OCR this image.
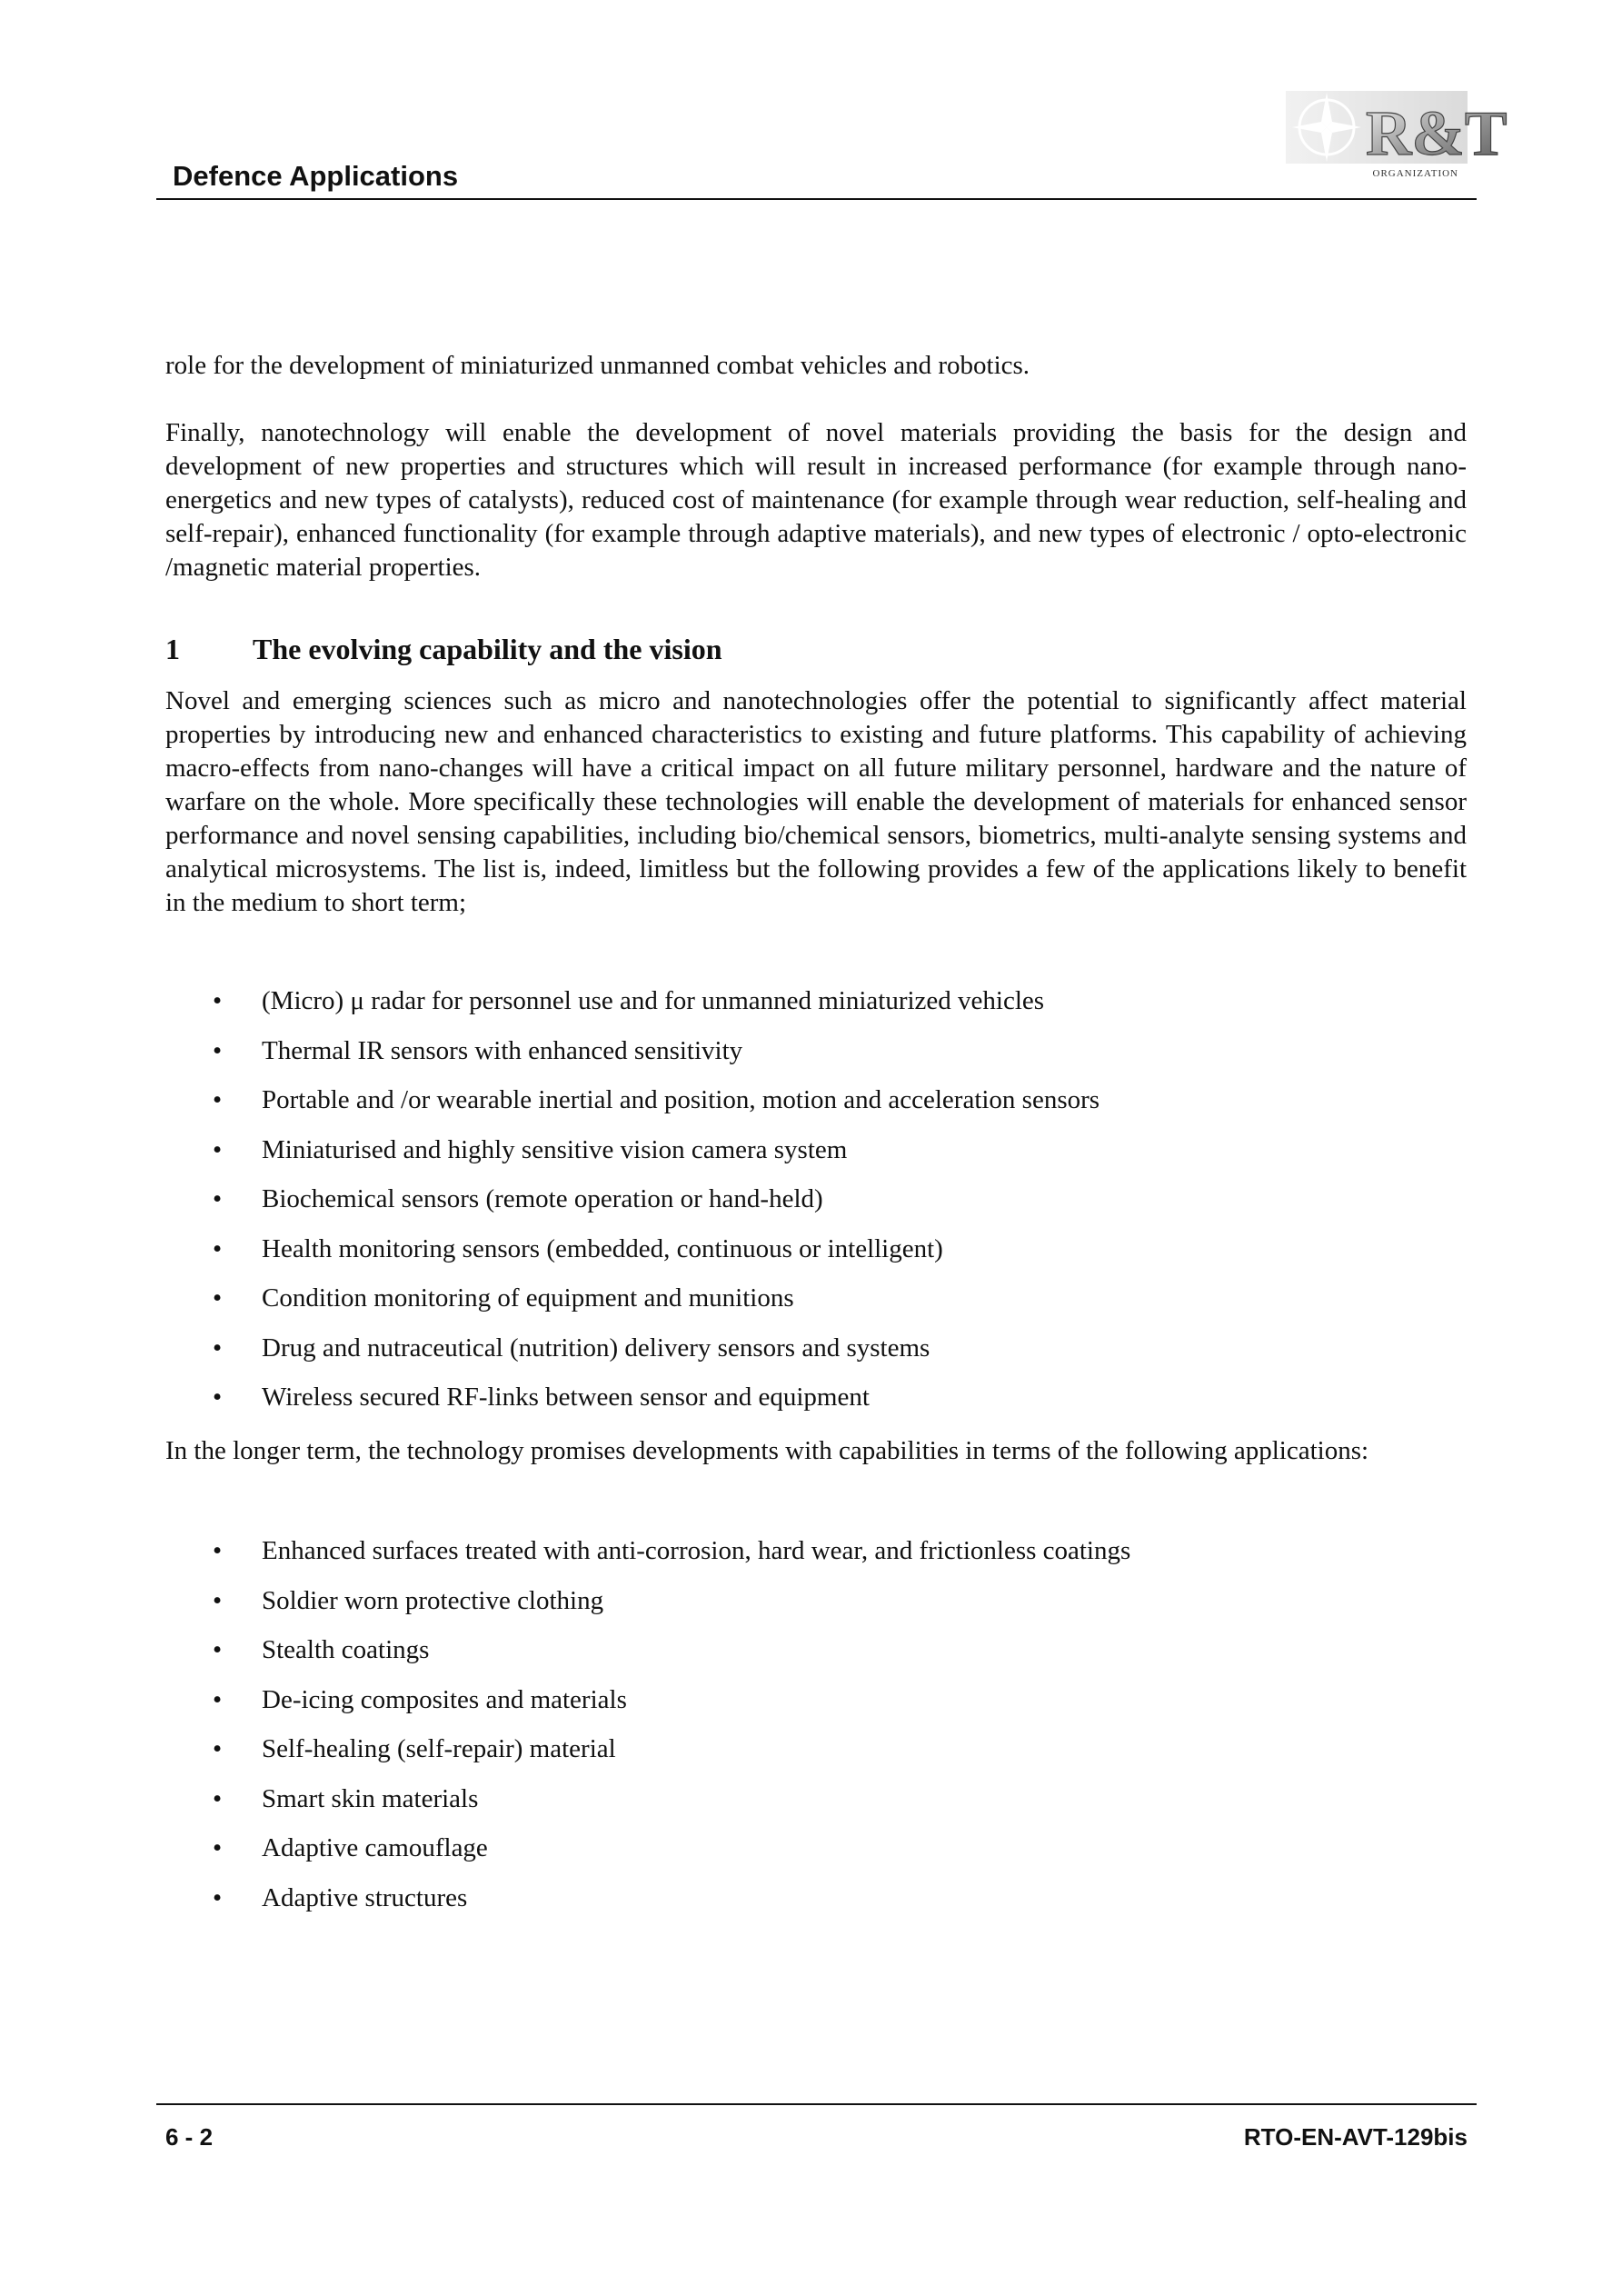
Defence Applications
R&T
ORGANIZATION

role for the development of miniaturized unmanned combat vehicles and robotics.

Finally, nanotechnology will enable the development of novel materials providing the basis for the design and development of new properties and structures which will result in increased performance (for example through nano-energetics and new types of catalysts), reduced cost of maintenance (for example through wear reduction, self-healing and self-repair), enhanced functionality (for example through adaptive materials), and new types of electronic / opto-electronic /magnetic material properties.

1	The evolving capability and the vision

Novel and emerging sciences such as micro and nanotechnologies offer the potential to significantly affect material properties by introducing new and enhanced characteristics to existing and future platforms. This capability of achieving macro-effects from nano-changes will have a critical impact on all future military personnel, hardware and the nature of warfare on the whole. More specifically these technologies will enable the development of materials for enhanced sensor performance and novel sensing capabilities, including bio/chemical sensors, biometrics, multi-analyte sensing systems and analytical microsystems. The list is, indeed, limitless but the following provides a few of the applications likely to benefit in the medium to short term;

• (Micro) μ radar for personnel use and for unmanned miniaturized vehicles
• Thermal IR sensors with enhanced sensitivity
• Portable and /or wearable inertial and position, motion and acceleration sensors
• Miniaturised and highly sensitive vision camera system
• Biochemical sensors (remote operation or hand-held)
• Health monitoring sensors (embedded, continuous or intelligent)
• Condition monitoring of equipment and munitions
• Drug and nutraceutical (nutrition) delivery sensors and systems
• Wireless secured RF-links between sensor and equipment

In the longer term, the technology promises developments with capabilities in terms of the following applications:

• Enhanced surfaces treated with anti-corrosion, hard wear, and frictionless coatings
• Soldier worn protective clothing
• Stealth coatings
• De-icing composites and materials
• Self-healing (self-repair) material
• Smart skin materials
• Adaptive camouflage
• Adaptive structures
6 - 2	RTO-EN-AVT-129bis
